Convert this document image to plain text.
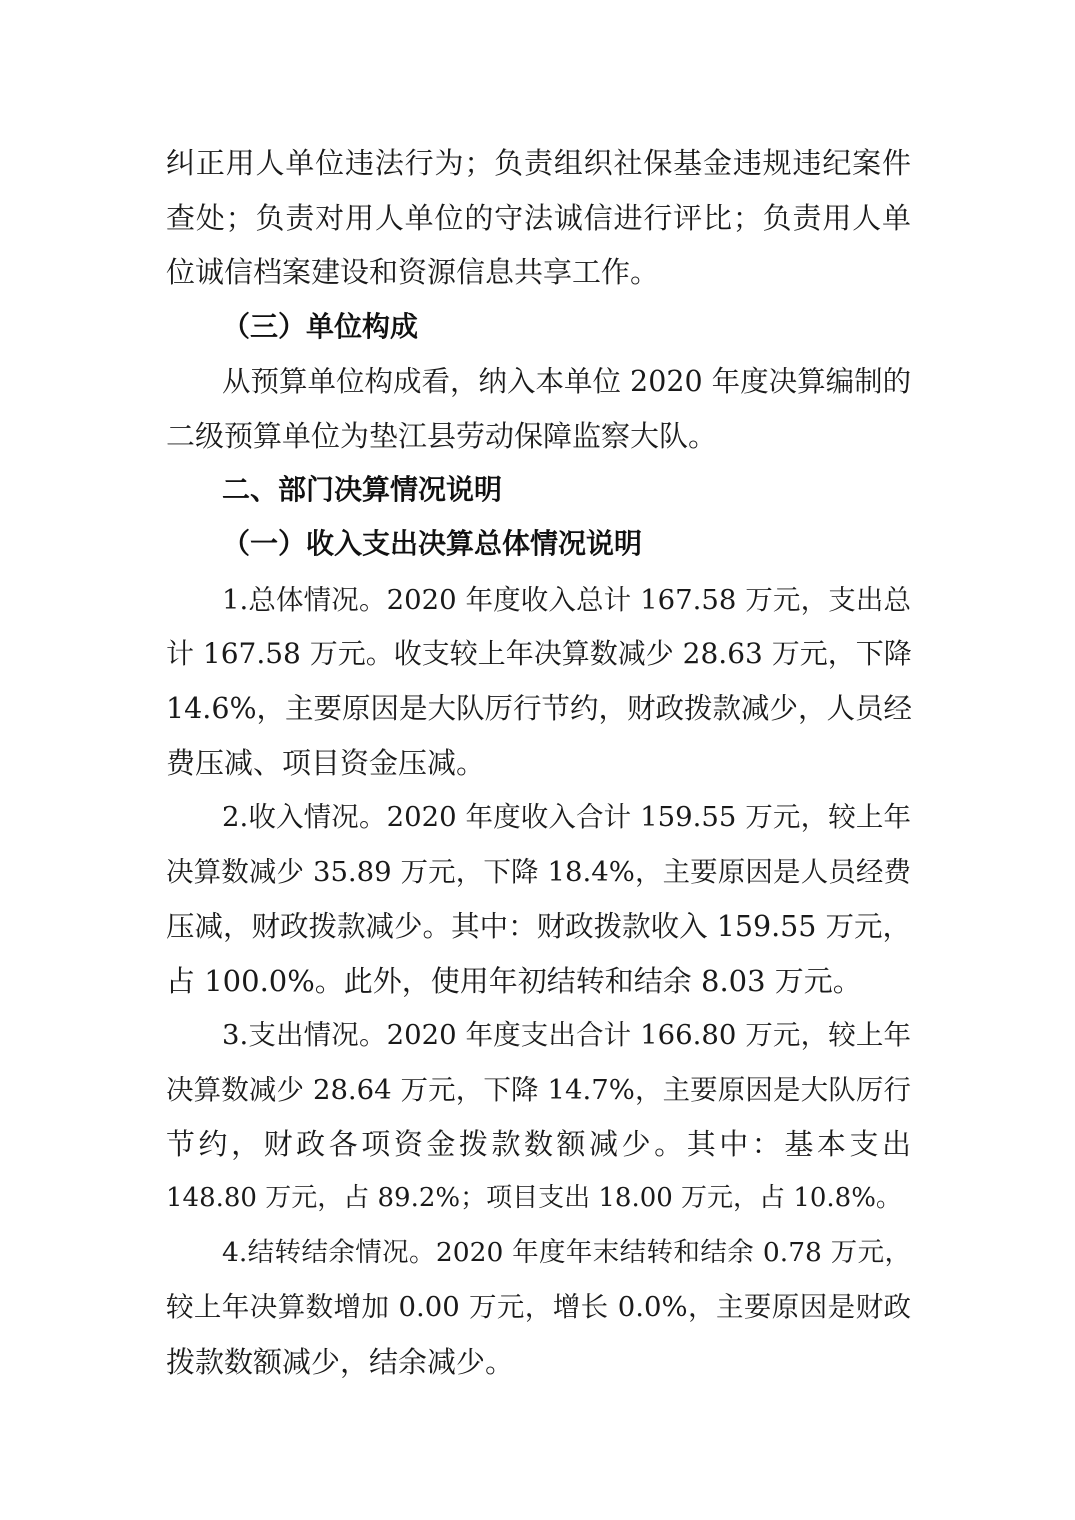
纠正用人单位违法行为；负责组织社保基金违规违纪案件
查处；负责对用人单位的守法诚信进行评比；负责用人单
位诚信档案建设和资源信息共享工作。
（三）单位构成
从预算单位构成看，纳入本单位 2020 年度决算编制的
二级预算单位为垫江县劳动保障监察大队。
二、部门决算情况说明
（一）收入支出决算总体情况说明
1.总体情况。2020 年度收入总计 167.58 万元，支出总
计 167.58 万元。收支较上年决算数减少 28.63 万元，下降
14.6%，主要原因是大队厉行节约，财政拨款减少，人员经
费压减、项目资金压减。
2.收入情况。2020 年度收入合计 159.55 万元，较上年
决算数减少 35.89 万元，下降 18.4%，主要原因是人员经费
压减，财政拨款减少。其中：财政拨款收入 159.55 万元，
占 100.0%。此外，使用年初结转和结余 8.03 万元。
3.支出情况。2020 年度支出合计 166.80 万元，较上年
决算数减少 28.64 万元，下降 14.7%，主要原因是大队厉行
节约，财政各项资金拨款数额减少。其中：基本支出
148.80 万元，占 89.2%；项目支出 18.00 万元，占 10.8%。
4.结转结余情况。2020 年度年末结转和结余 0.78 万元，
较上年决算数增加 0.00 万元，增长 0.0%，主要原因是财政
拨款数额减少，结余减少。
